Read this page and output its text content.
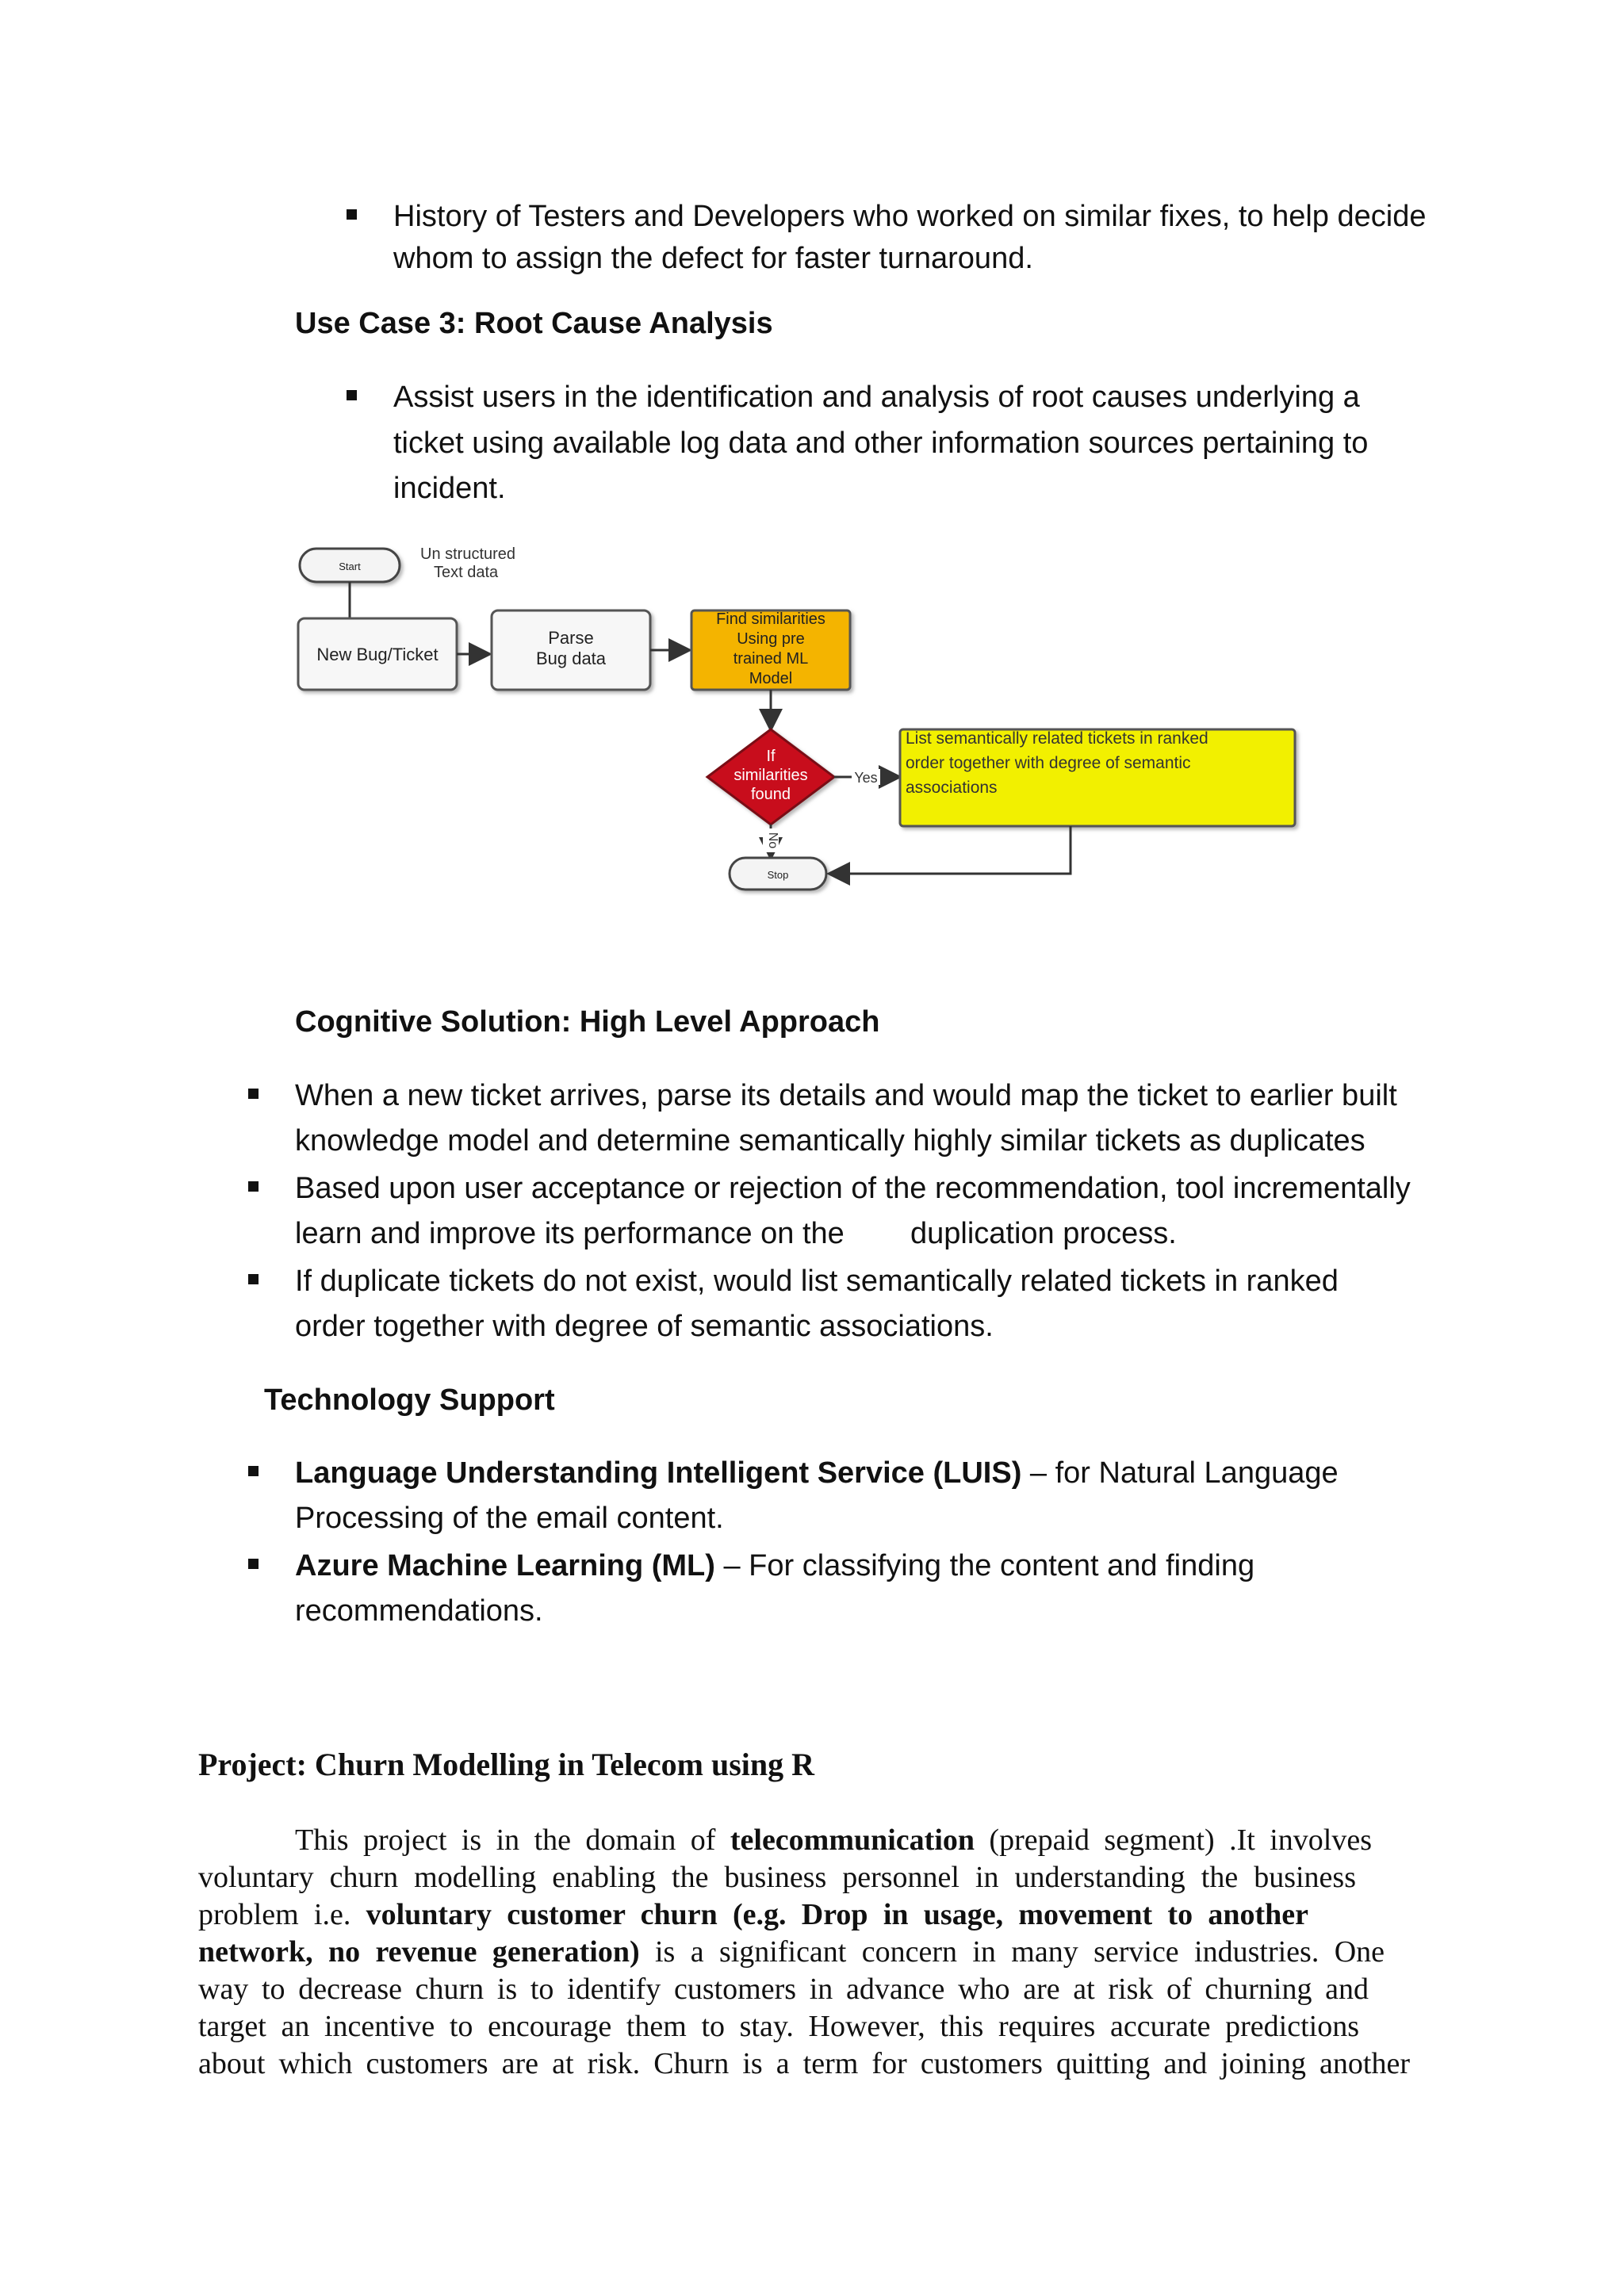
History of Testers and Developers who worked on similar fixes, to help decide
whom to assign the defect for faster turnaround.
Use Case 3: Root Cause Analysis
Assist users in the identification and analysis of root causes underlying a
ticket using available log data and other information sources pertaining to
incident.
Start
Un structured
Text data
New Bug/Ticket
Parse
Bug data
Find similarities
Using pre
trained ML
Model
If
similarities
found
Yes
List semantically related tickets in ranked
order together with degree of semantic
associations
No
Stop
Cognitive Solution: High Level Approach
When a new ticket arrives, parse its details and would map the ticket to earlier built
knowledge model and determine semantically highly similar tickets as duplicates
Based upon user acceptance or rejection of the recommendation, tool incrementally
learn and improve its performance on the duplication process.
If duplicate tickets do not exist, would list semantically related tickets in ranked
order together with degree of semantic associations.
Technology Support
Language Understanding Intelligent Service (LUIS) – for Natural Language
Processing of the email content.
Azure Machine Learning (ML) – For classifying the content and finding
recommendations.
Project: Churn Modelling in Telecom using R
This project is in the domain of telecommunication (prepaid segment) .It involves
voluntary churn modelling enabling the business personnel in understanding the business
problem i.e. voluntary customer churn (e.g. Drop in usage, movement to another
network, no revenue generation) is a significant concern in many service industries. One
way to decrease churn is to identify customers in advance who are at risk of churning and
target an incentive to encourage them to stay. However, this requires accurate predictions
about which customers are at risk. Churn is a term for customers quitting and joining another
